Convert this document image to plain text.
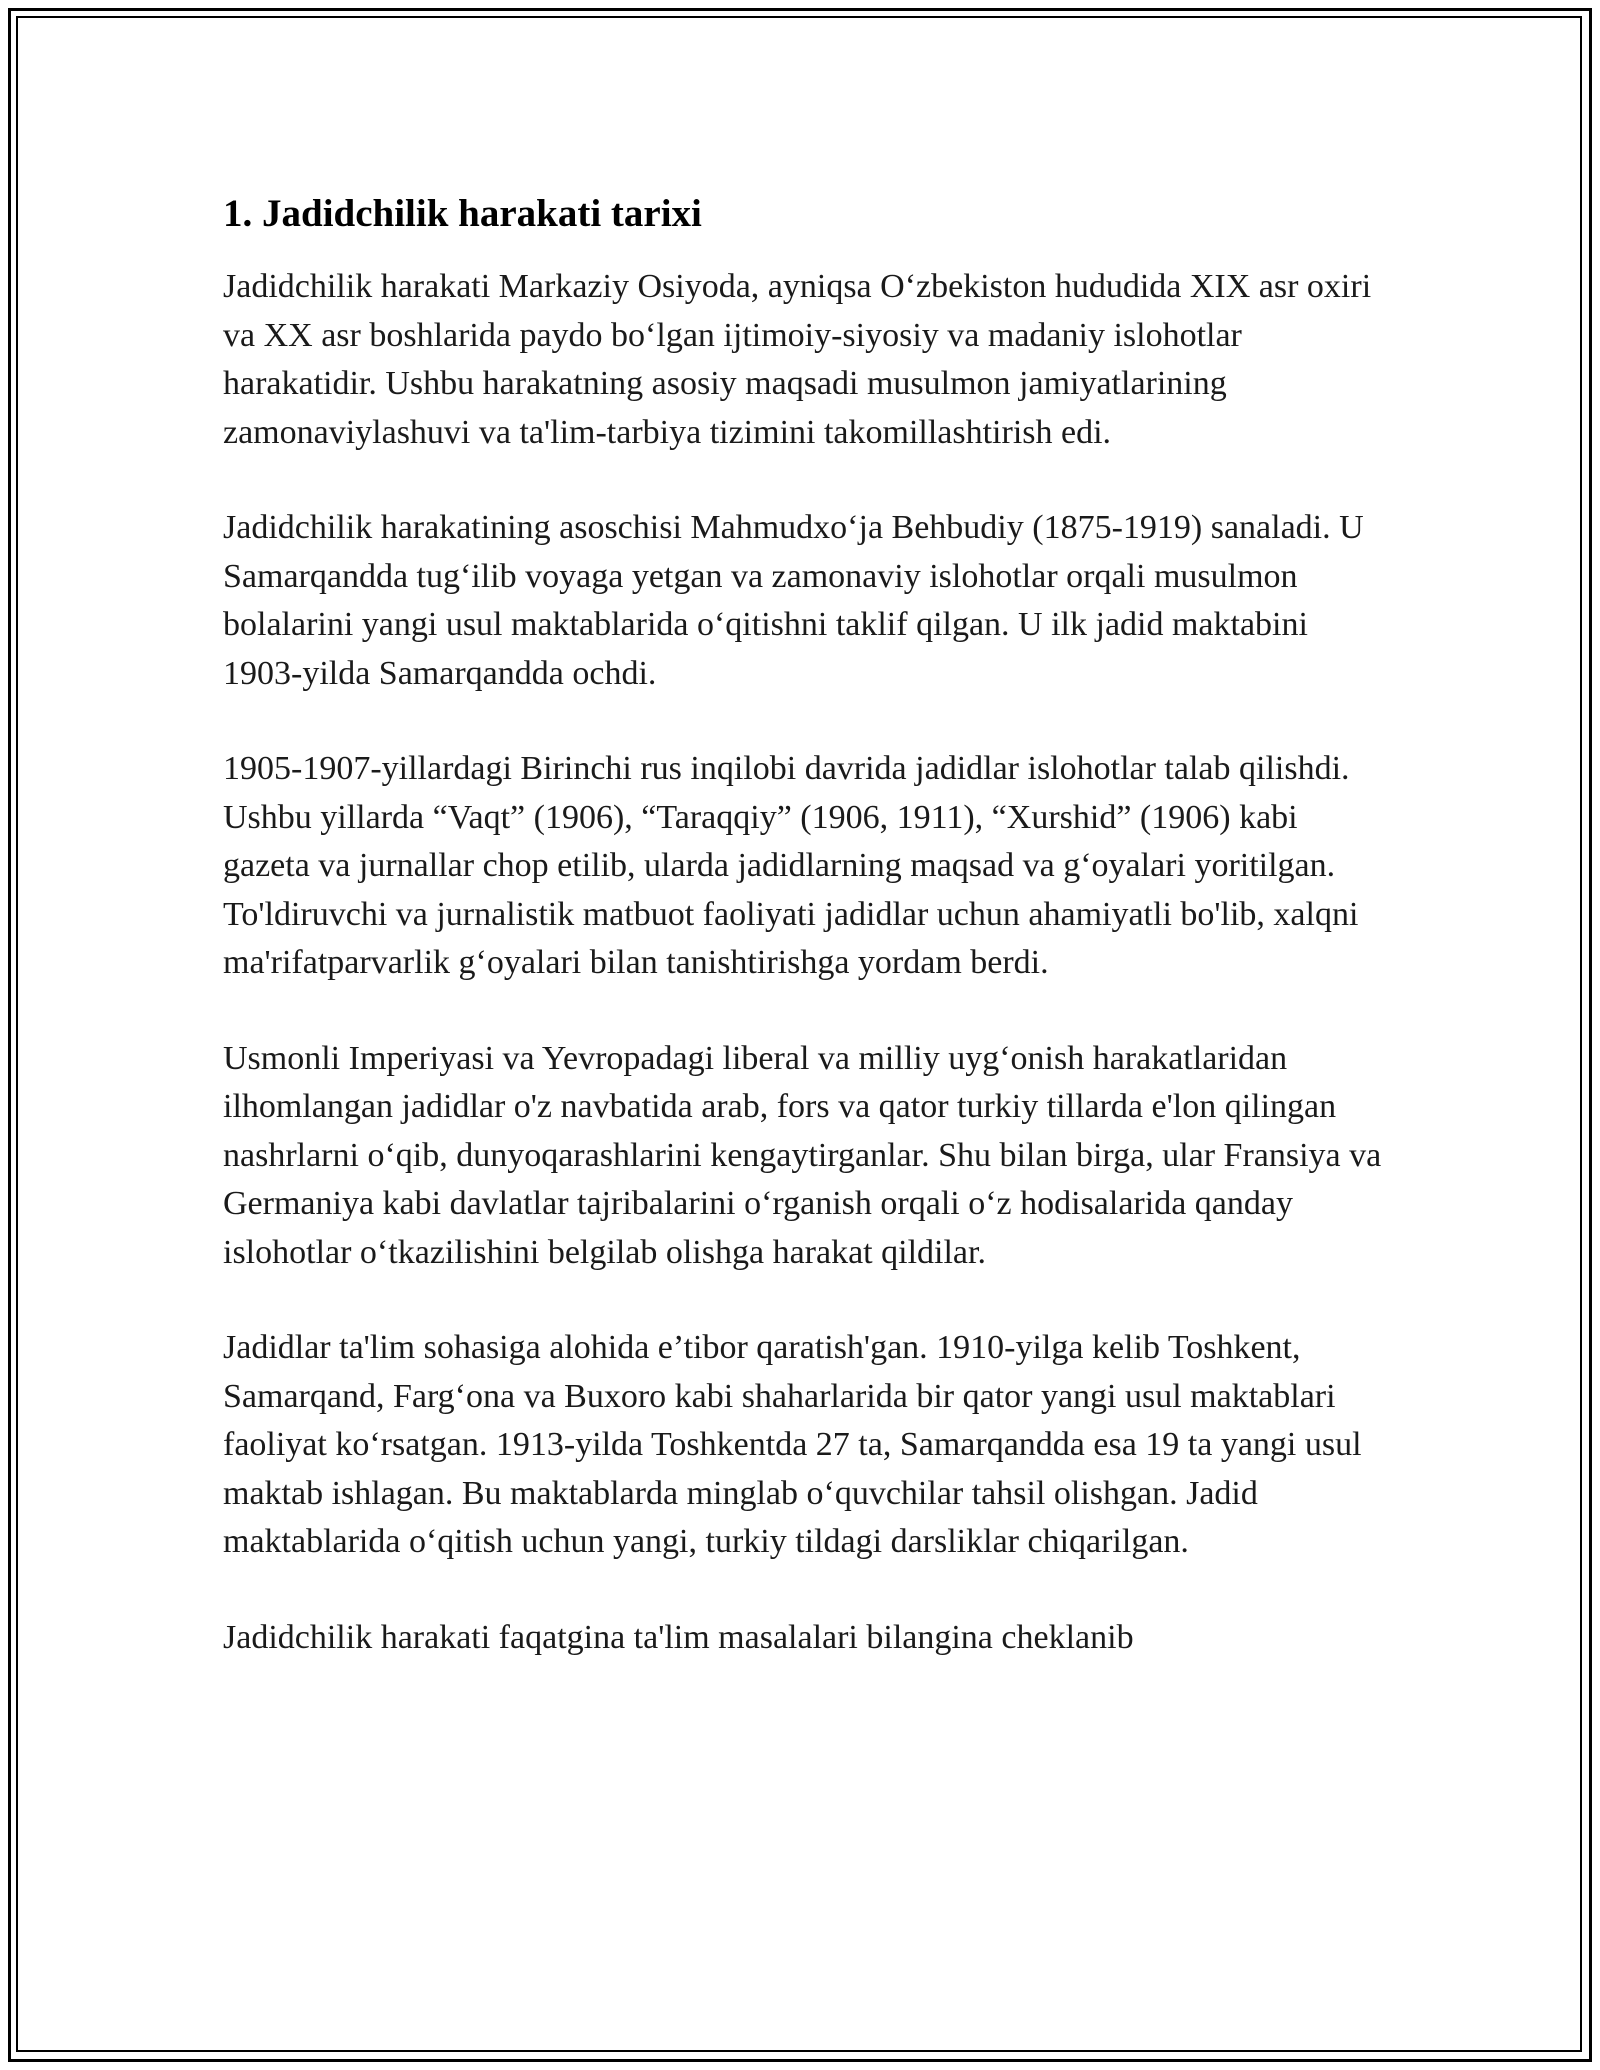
1. Jadidchilik harakati tarixi

Jadidchilik harakati Markaziy Osiyoda, ayniqsa O‘zbekiston hududida XIX asr oxiri va XX asr boshlarida paydo bo‘lgan ijtimoiy-siyosiy va madaniy islohotlar harakatidir. Ushbu harakatning asosiy maqsadi musulmon jamiyatlarining zamonaviylashuvi va ta'lim-tarbiya tizimini takomillashtirish edi.

Jadidchilik harakatining asoschisi Mahmudxo‘ja Behbudiy (1875-1919) sanaladi. U Samarqandda tug‘ilib voyaga yetgan va zamonaviy islohotlar orqali musulmon bolalarini yangi usul maktablarida o‘qitishni taklif qilgan. U ilk jadid maktabini 1903-yilda Samarqandda ochdi.

1905-1907-yillardagi Birinchi rus inqilobi davrida jadidlar islohotlar talab qilishdi. Ushbu yillarda “Vaqt” (1906), “Taraqqiy” (1906, 1911), “Xurshid” (1906) kabi gazeta va jurnallar chop etilib, ularda jadidlarning maqsad va g‘oyalari yoritilgan. To'ldiruvchi va jurnalistik matbuot faoliyati jadidlar uchun ahamiyatli bo'lib, xalqni ma'rifatparvarlik g‘oyalari bilan tanishtirishga yordam berdi.

Usmonli Imperiyasi va Yevropadagi liberal va milliy uyg‘onish harakatlaridan ilhomlangan jadidlar o'z navbatida arab, fors va qator turkiy tillarda e'lon qilingan nashrlarni o‘qib, dunyoqarashlarini kengaytirganlar. Shu bilan birga, ular Fransiya va Germaniya kabi davlatlar tajribalarini o‘rganish orqali o‘z hodisalarida qanday islohotlar o‘tkazilishini belgilab olishga harakat qildilar.

Jadidlar ta'lim sohasiga alohida e’tibor qaratish'gan. 1910-yilga kelib Toshkent, Samarqand, Farg‘ona va Buxoro kabi shaharlarida bir qator yangi usul maktablari faoliyat ko‘rsatgan. 1913-yilda Toshkentda 27 ta, Samarqandda esa 19 ta yangi usul maktab ishlagan. Bu maktablarda minglab o‘quvchilar tahsil olishgan. Jadid maktablarida o‘qitish uchun yangi, turkiy tildagi darsliklar chiqarilgan.

Jadidchilik harakati faqatgina ta'lim masalalari bilangina cheklanib
